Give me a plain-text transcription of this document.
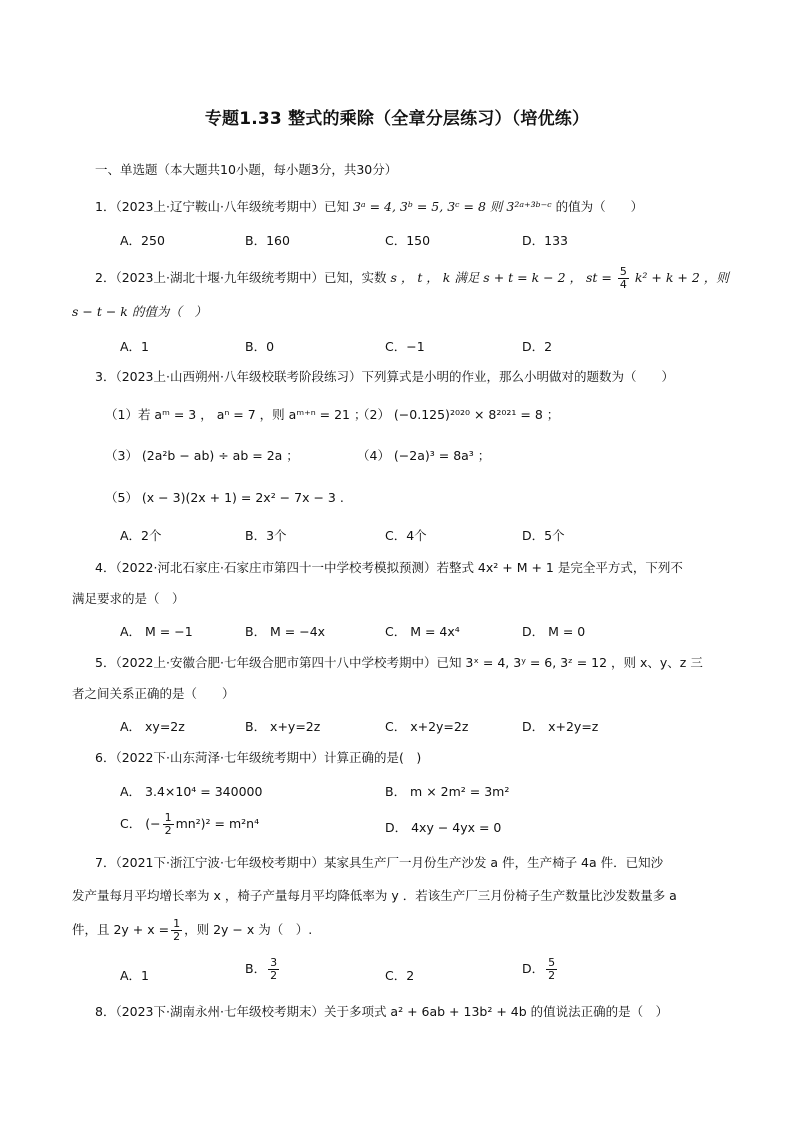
专题1.33 整式的乘除（全章分层练习）（培优练）
一、单选题（本大题共10小题，每小题3分，共30分）
1．（2023上·辽宁鞍山·八年级统考期中）已知 3ᵃ = 4, 3ᵇ = 5, 3ᶜ = 8 则 3²ᵃ⁺³ᵇ⁻ᶜ 的值为（　　）
A．250	B．160	C．150	D．133
2．（2023上·湖北十堰·九年级统考期中）已知，实数 s ， t ， k 满足 s + t = k − 2 ， st = $\frac{5}{4} k^2 + k + 2$ ，则
s − t − k 的值为（　）
A．1	B．0	C．−1	D．2
3．（2023上·山西朔州·八年级校联考阶段练习）下列算式是小明的作业，那么小明做对的题数为（　　）
（1）若 aᵐ = 3 ， aⁿ = 7 ，则 aᵐ⁺ⁿ = 21 ；
（2） (−0.125)²⁰²⁰ × 8²⁰²¹ = 8 ；
（3） (2a²b − ab) ÷ ab = 2a ；	（4） (−2a)³ = 8a³ ；
（5） (x − 3)(2x + 1) = 2x² − 7x − 3 .
A．2个	B．3个	C．4个	D．5个
4．（2022·河北石家庄·石家庄市第四十一中学校考模拟预测）若整式 4x² + M + 1 是完全平方式，下列不
满足要求的是（　）
A． M = −1	B． M = −4x	C． M = 4x⁴	D． M = 0
5．（2022上·安徽合肥·七年级合肥市第四十八中学校考期中）已知 3ˣ = 4, 3ʸ = 6, 3ᶻ = 12 ，则 x、y、z 三
者之间关系正确的是（　　）
A． xy=2z	B． x+y=2z	C． x+2y=2z	D． x+2y=z
6．（2022下·山东菏泽·七年级统考期中）计算正确的是(　)
A． 3.4×10⁴ = 340000	B． m × 2m² = 3m²
C． (− $\frac{1}{2} mn^2)^2 = m^2n^4$	D． 4xy − 4yx = 0
7．（2021下·浙江宁波·七年级校考期中）某家具生产厂一月份生产沙发 a 件，生产椅子 4a 件．已知沙
发产量每月平均增长率为 x ，椅子产量每月平均降低率为 y ．若该生产厂三月份椅子生产数量比沙发数量多 a
件，且 $2y + x = \frac{1}{2}$ ，则 2y − x 为（　）.
A．1	B． $\frac{3}{2}$	C．2	D． $\frac{5}{2}$
8．（2023下·湖南永州·七年级校考期末）关于多项式 a² + 6ab + 13b² + 4b 的值说法正确的是（　）
